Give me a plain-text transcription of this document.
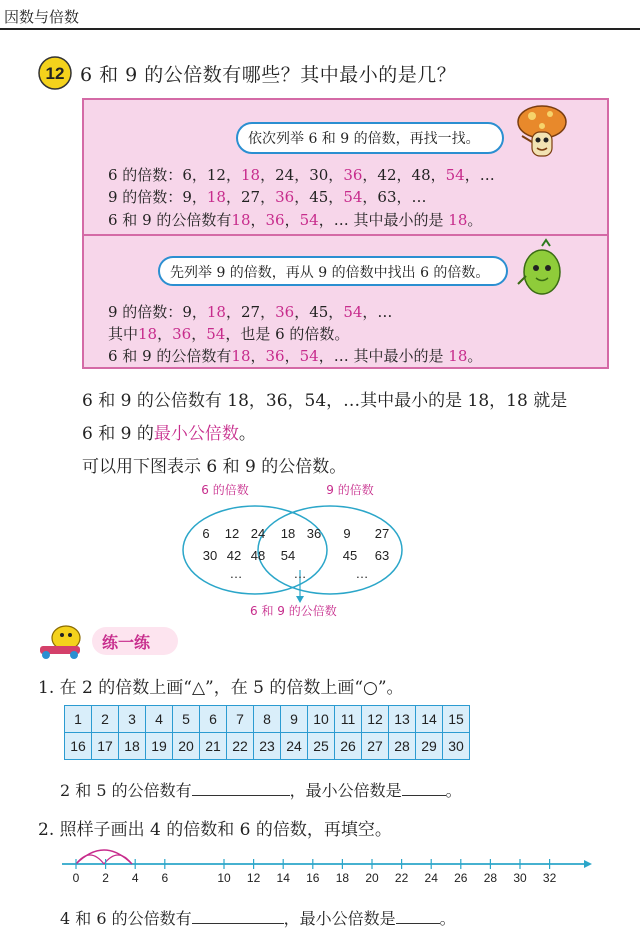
因数与倍数
12 6 和 9 的公倍数有哪些？其中最小的是几？
依次列举 6 和 9 的倍数，再找一找。
6 的倍数：6，12，18，24，30，36，42，48，54，…
9 的倍数：9，18，27，36，45，54，63，…
6 和 9 的公倍数有18，36，54，… 其中最小的是 18。
先列举 9 的倍数，再从 9 的倍数中找出 6 的倍数。
9 的倍数：9，18，27，36，45，54，…
其中18，36，54，也是 6 的倍数。
6 和 9 的公倍数有18，36，54，… 其中最小的是 18。
6 和 9 的公倍数有 18，36，54，…其中最小的是 18，18 就是
6 和 9 的最小公倍数。
可以用下图表示 6 和 9 的公倍数。
6 的倍数	9 的倍数
6 12 24
30 42 48
…
9 27
45 63
…
18 36
54
…
6 和 9 的公倍数
练一练
1. 在 2 的倍数上画“△”，在 5 的倍数上画“○”。
1	2	3	4	5	6	7	8	9	10	11	12	13	14	15
16	17	18	19	20	21	22	23	24	25	26	27	28	29	30
2 和 5 的公倍数有	，最小公倍数是	。
2. 照样子画出 4 的倍数和 6 的倍数，再填空。
0 2 4 6	10 12 14 16 18 20 22 24 26 28 30 32
4 和 6 的公倍数有	，最小公倍数是	。
